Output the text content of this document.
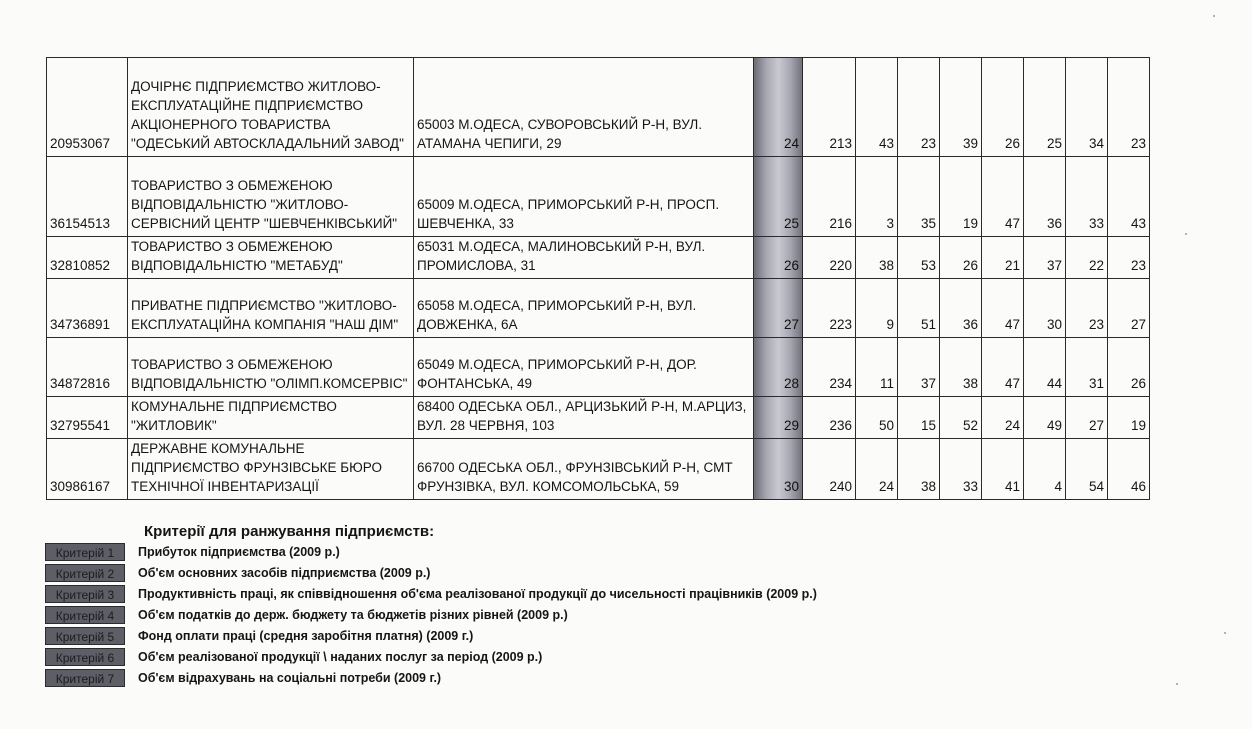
20953067	ДОЧІРНЄ ПІДПРИЄМСТВО ЖИТЛОВО-ЕКСПЛУАТАЦІЙНЕ ПІДПРИЄМСТВО АКЦІОНЕРНОГО ТОВАРИСТВА "ОДЕСЬКИЙ АВТОСКЛАДАЛЬНИЙ ЗАВОД"	65003 М.ОДЕСА, СУВОРОВСЬКИЙ Р-Н, ВУЛ. АТАМАНА ЧЕПИГИ, 29	24	213	43	23	39	26	25	34	23
36154513	ТОВАРИСТВО З ОБМЕЖЕНОЮ ВІДПОВІДАЛЬНІСТЮ "ЖИТЛОВО-СЕРВІСНИЙ ЦЕНТР "ШЕВЧЕНКІВСЬКИЙ"	65009 М.ОДЕСА, ПРИМОРСЬКИЙ Р-Н, ПРОСП. ШЕВЧЕНКА, 33	25	216	3	35	19	47	36	33	43
32810852	ТОВАРИСТВО З ОБМЕЖЕНОЮ ВІДПОВІДАЛЬНІСТЮ "МЕТАБУД"	65031 М.ОДЕСА, МАЛИНОВСЬКИЙ Р-Н, ВУЛ. ПРОМИСЛОВА, 31	26	220	38	53	26	21	37	22	23
34736891	ПРИВАТНЕ ПІДПРИЄМСТВО "ЖИТЛОВО-ЕКСПЛУАТАЦІЙНА КОМПАНІЯ "НАШ ДІМ"	65058 М.ОДЕСА, ПРИМОРСЬКИЙ Р-Н, ВУЛ. ДОВЖЕНКА, 6А	27	223	9	51	36	47	30	23	27
34872816	ТОВАРИСТВО З ОБМЕЖЕНОЮ ВІДПОВІДАЛЬНІСТЮ "ОЛІМП.КОМСЕРВІС"	65049 М.ОДЕСА, ПРИМОРСЬКИЙ Р-Н, ДОР. ФОНТАНСЬКА, 49	28	234	11	37	38	47	44	31	26
32795541	КОМУНАЛЬНЕ ПІДПРИЄМСТВО "ЖИТЛОВИК"	68400 ОДЕСЬКА ОБЛ., АРЦИЗЬКИЙ Р-Н, М.АРЦИЗ, ВУЛ. 28 ЧЕРВНЯ, 103	29	236	50	15	52	24	49	27	19
30986167	ДЕРЖАВНЕ КОМУНАЛЬНЕ ПІДПРИЄМСТВО ФРУНЗІВСЬКЕ БЮРО ТЕХНІЧНОЇ ІНВЕНТАРИЗАЦІЇ	66700 ОДЕСЬКА ОБЛ., ФРУНЗІВСЬКИЙ Р-Н, СМТ ФРУНЗІВКА, ВУЛ. КОМСОМОЛЬСЬКА, 59	30	240	24	38	33	41	4	54	46
Критерії для ранжування підприємств:
Критерій 1	Прибуток підприємства (2009 р.)
Критерій 2	Об'єм основних засобів підприємства (2009 р.)
Критерій 3	Продуктивність праці, як співвідношення об'єма реалізованої продукції до чисельності працівників (2009 р.)
Критерій 4	Об'єм податків до держ. бюджету та бюджетів різних рівней (2009 р.)
Критерій 5	Фонд оплати праці (средня заробітня платня) (2009 г.)
Критерій 6	Об'єм реалізованої продукції \ наданих послуг за період (2009 р.)
Критерій 7	Об'єм відрахувань на соціальні потреби (2009 г.)
